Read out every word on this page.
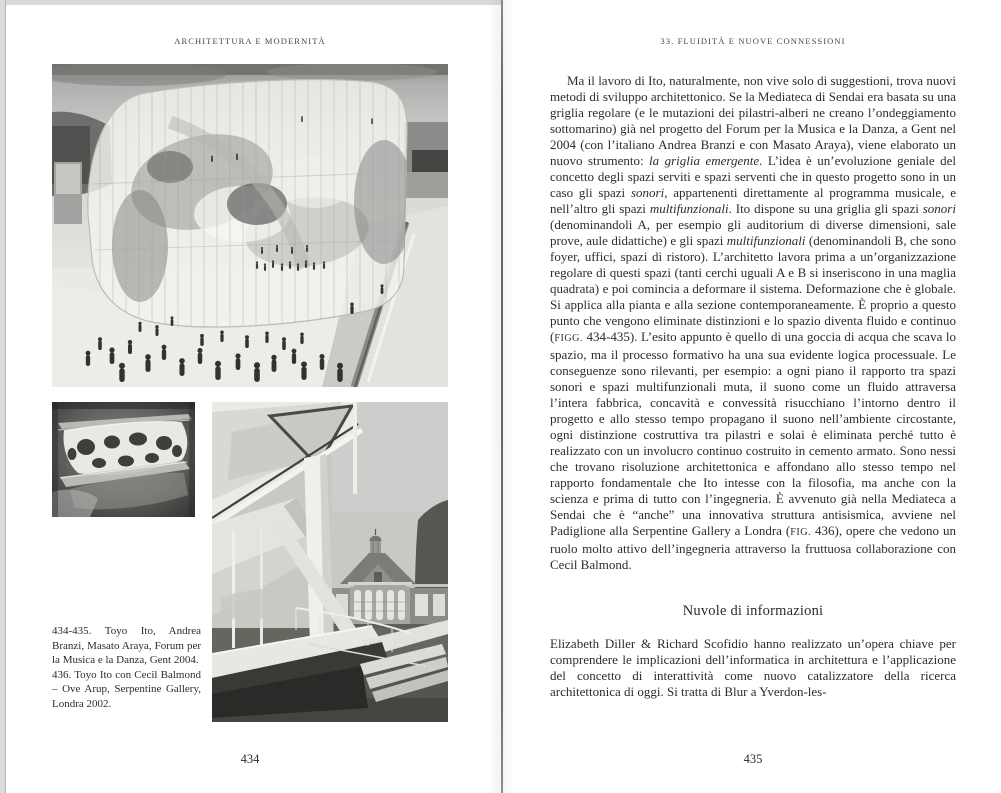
ARCHITETTURA E MODERNITÀ

434-435. Toyo Ito, Andrea Branzi, Masato Araya, Forum per la Musica e la Danza, Gent 2004.

436. Toyo Ito con Cecil Balmond – Ove Arup, Serpentine Gallery, Londra 2002.

434
33. FLUIDITÀ E NUOVE CONNESSIONI

Ma il lavoro di Ito, naturalmente, non vive solo di suggestioni, trova nuovi metodi di sviluppo architettonico. Se la Mediateca di Sendai era basata su una griglia regolare (e le mutazioni dei pilastri-alberi ne creano l’ondeggiamento sottomarino) già nel progetto del Forum per la Musica e la Danza, a Gent nel 2004 (con l’italiano Andrea Branzi e con Masato Araya), viene elaborato un nuovo strumento: la griglia emergente. L’idea è un’evoluzione geniale del concetto degli spazi serviti e spazi serventi che in questo progetto sono in un caso gli spazi sonori, appartenenti direttamente al programma musicale, e nell’altro gli spazi multifunzionali. Ito dispone su una griglia gli spazi sonori (denominandoli A, per esempio gli auditorium di diverse dimensioni, sale prove, aule didattiche) e gli spazi multifunzionali (denominandoli B, che sono foyer, uffici, spazi di ristoro). L’architetto lavora prima a un’organizzazione regolare di questi spazi (tanti cerchi uguali A e B si inseriscono in una maglia quadrata) e poi comincia a deformare il sistema. Deformazione che è globale. Si applica alla pianta e alla sezione contemporaneamente. È proprio a questo punto che vengono eliminate distinzioni e lo spazio diventa fluido e continuo (FIGG. 434-435). L’esito appunto è quello di una goccia di acqua che scava lo spazio, ma il processo formativo ha una sua evidente logica processuale. Le conseguenze sono rilevanti, per esempio: a ogni piano il rapporto tra spazi sonori e spazi multifunzionali muta, il suono come un fluido attraversa l’intera fabbrica, concavità e convessità risucchiano l’intorno dentro il progetto e allo stesso tempo propagano il suono nell’ambiente circostante, ogni distinzione costruttiva tra pilastri e solai è eliminata perché tutto è realizzato con un involucro continuo costruito in cemento armato. Sono nessi che trovano risoluzione architettonica e affondano allo stesso tempo nel rapporto fondamentale che Ito intesse con la filosofia, ma anche con la scienza e prima di tutto con l’ingegneria. È avvenuto già nella Mediateca a Sendai che è “anche” una innovativa struttura antisismica, avviene nel Padiglione alla Serpentine Gallery a Londra (FIG. 436), opere che vedono un ruolo molto attivo dell’ingegneria attraverso la fruttuosa collaborazione con Cecil Balmond.

Nuvole di informazioni

Elizabeth Diller & Richard Scofidio hanno realizzato un’opera chiave per comprendere le implicazioni dell’informatica in architettura e l’applicazione del concetto di interattività come nuovo catalizzatore della ricerca architettonica di oggi. Si tratta di Blur a Yverdon-les-

435
